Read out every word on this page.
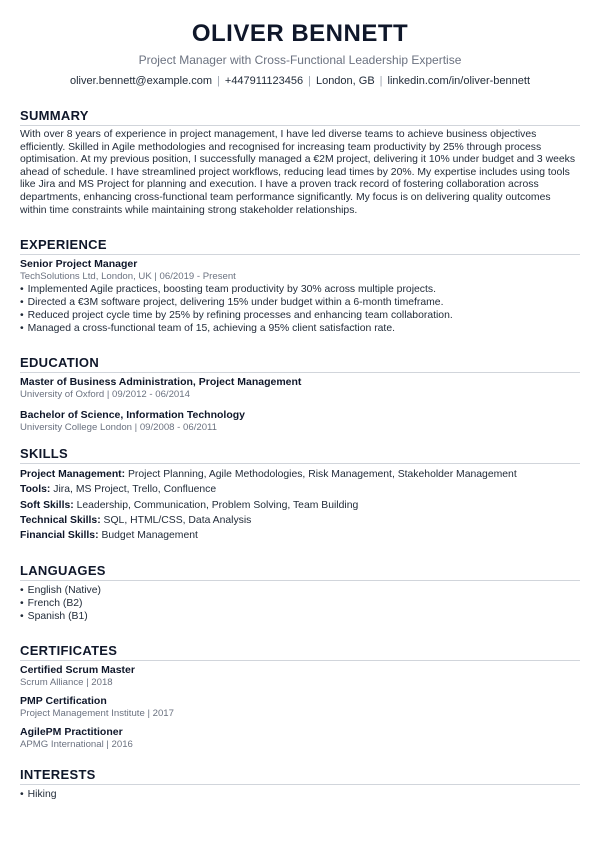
OLIVER BENNETT
Project Manager with Cross-Functional Leadership Expertise
oliver.bennett@example.com | +447911123456 | London, GB | linkedin.com/in/oliver-bennett
SUMMARY
With over 8 years of experience in project management, I have led diverse teams to achieve business objectives efficiently. Skilled in Agile methodologies and recognised for increasing team productivity by 25% through process optimisation. At my previous position, I successfully managed a €2M project, delivering it 10% under budget and 3 weeks ahead of schedule. I have streamlined project workflows, reducing lead times by 20%. My expertise includes using tools like Jira and MS Project for planning and execution. I have a proven track record of fostering collaboration across departments, enhancing cross-functional team performance significantly. My focus is on delivering quality outcomes within time constraints while maintaining strong stakeholder relationships.
EXPERIENCE
Senior Project Manager
TechSolutions Ltd, London, UK | 06/2019 - Present
• Implemented Agile practices, boosting team productivity by 30% across multiple projects.
• Directed a €3M software project, delivering 15% under budget within a 6-month timeframe.
• Reduced project cycle time by 25% by refining processes and enhancing team collaboration.
• Managed a cross-functional team of 15, achieving a 95% client satisfaction rate.
EDUCATION
Master of Business Administration, Project Management
University of Oxford | 09/2012 - 06/2014
Bachelor of Science, Information Technology
University College London | 09/2008 - 06/2011
SKILLS
Project Management: Project Planning, Agile Methodologies, Risk Management, Stakeholder Management
Tools: Jira, MS Project, Trello, Confluence
Soft Skills: Leadership, Communication, Problem Solving, Team Building
Technical Skills: SQL, HTML/CSS, Data Analysis
Financial Skills: Budget Management
LANGUAGES
• English (Native)
• French (B2)
• Spanish (B1)
CERTIFICATES
Certified Scrum Master
Scrum Alliance | 2018
PMP Certification
Project Management Institute | 2017
AgilePM Practitioner
APMG International | 2016
INTERESTS
• Hiking
